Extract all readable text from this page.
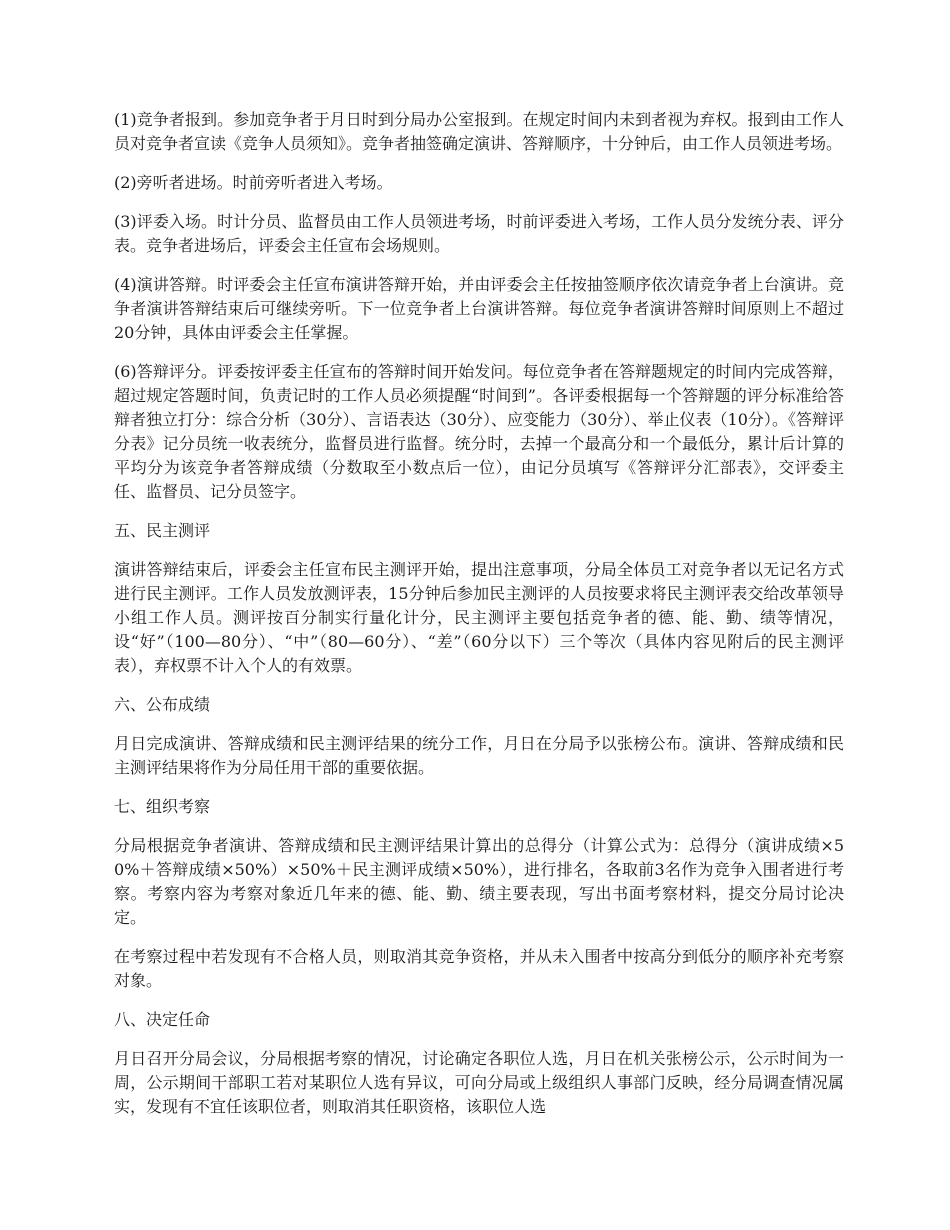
(1)竞争者报到。参加竞争者于月日时到分局办公室报到。在规定时间内未到者视为弃权。报到由工作人员对竞争者宣读《竞争人员须知》。竞争者抽签确定演讲、答辩顺序，十分钟后，由工作人员领进考场。

(2)旁听者进场。时前旁听者进入考场。

(3)评委入场。时计分员、监督员由工作人员领进考场，时前评委进入考场，工作人员分发统分表、评分表。竞争者进场后，评委会主任宣布会场规则。

(4)演讲答辩。时评委会主任宣布演讲答辩开始，并由评委会主任按抽签顺序依次请竞争者上台演讲。竞争者演讲答辩结束后可继续旁听。下一位竞争者上台演讲答辩。每位竞争者演讲答辩时间原则上不超过20分钟，具体由评委会主任掌握。

(6)答辩评分。评委按评委主任宣布的答辩时间开始发问。每位竞争者在答辩题规定的时间内完成答辩，超过规定答题时间，负责记时的工作人员必须提醒“时间到”。各评委根据每一个答辩题的评分标准给答辩者独立打分：综合分析（30分）、言语表达（30分）、应变能力（30分）、举止仪表（10分）。《答辩评分表》记分员统一收表统分，监督员进行监督。统分时，去掉一个最高分和一个最低分，累计后计算的平均分为该竞争者答辩成绩（分数取至小数点后一位），由记分员填写《答辩评分汇部表》，交评委主任、监督员、记分员签字。

五、民主测评

演讲答辩结束后，评委会主任宣布民主测评开始，提出注意事项，分局全体员工对竞争者以无记名方式进行民主测评。工作人员发放测评表，15分钟后参加民主测评的人员按要求将民主测评表交给改革领导小组工作人员。测评按百分制实行量化计分，民主测评主要包括竞争者的德、能、勤、绩等情况，设“好”（100—80分）、“中”（80—60分）、“差”（60分以下）三个等次（具体内容见附后的民主测评表），弃权票不计入个人的有效票。

六、公布成绩

月日完成演讲、答辩成绩和民主测评结果的统分工作，月日在分局予以张榜公布。演讲、答辩成绩和民主测评结果将作为分局任用干部的重要依据。

七、组织考察

分局根据竞争者演讲、答辩成绩和民主测评结果计算出的总得分（计算公式为：总得分（演讲成绩×50%＋答辩成绩×50%）×50%＋民主测评成绩×50%），进行排名，各取前3名作为竞争入围者进行考察。考察内容为考察对象近几年来的德、能、勤、绩主要表现，写出书面考察材料，提交分局讨论决定。

在考察过程中若发现有不合格人员，则取消其竞争资格，并从未入围者中按高分到低分的顺序补充考察对象。

八、决定任命

月日召开分局会议，分局根据考察的情况，讨论确定各职位人选，月日在机关张榜公示，公示时间为一周，公示期间干部职工若对某职位人选有异议，可向分局或上级组织人事部门反映，经分局调查情况属实，发现有不宜任该职位者，则取消其任职资格，该职位人选
